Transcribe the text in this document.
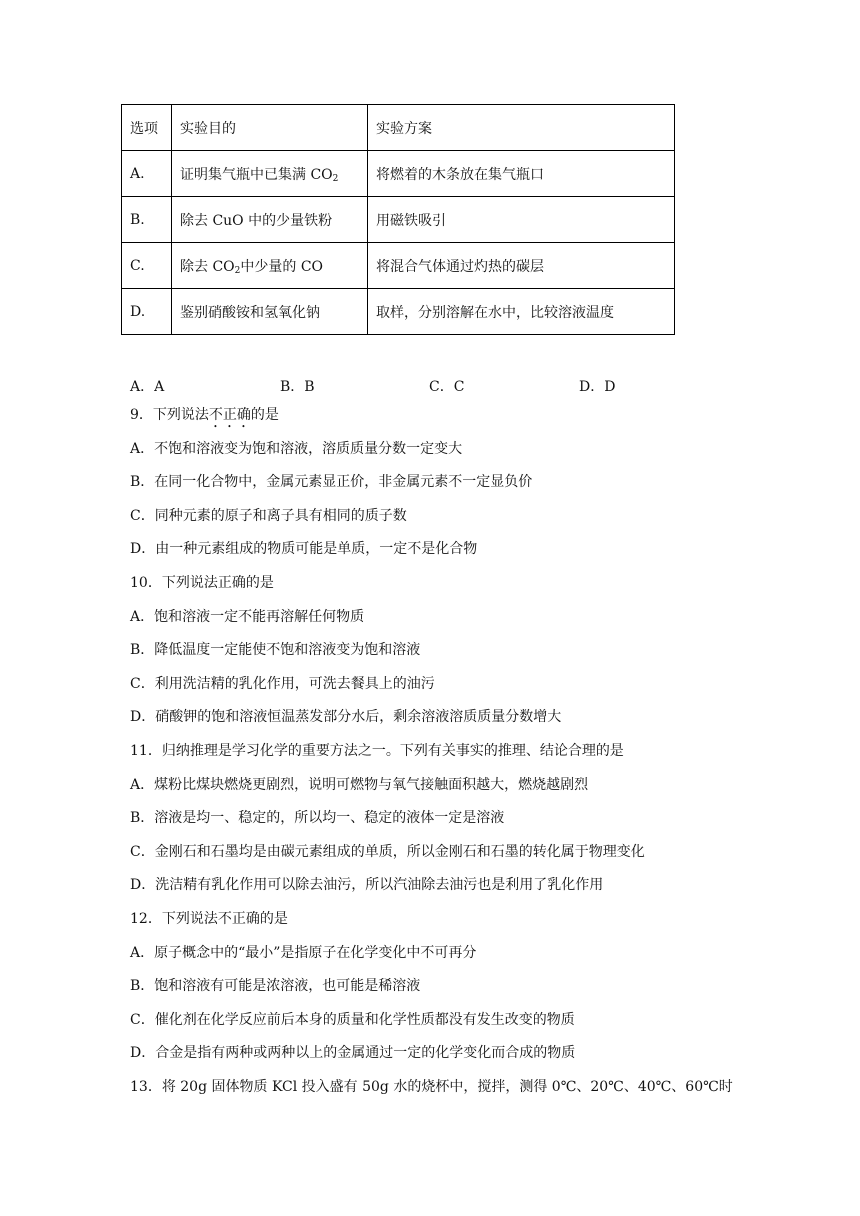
选项	实验目的	实验方案
A.	证明集气瓶中已集满 $CO_2$	将燃着的木条放在集气瓶口
B.	除去 CuO 中的少量铁粉	用磁铁吸引
C.	除去 $CO_2$中少量的 CO	将混合气体通过灼热的碳层
D.	鉴别硝酸铵和氢氧化钠	取样，分别溶解在水中，比较溶液温度
A．A	B．B	C．C	D．D
9．下列说法不正确的是
A．不饱和溶液变为饱和溶液，溶质质量分数一定变大
B．在同一化合物中，金属元素显正价，非金属元素不一定显负价
C．同种元素的原子和离子具有相同的质子数
D．由一种元素组成的物质可能是单质，一定不是化合物
10．下列说法正确的是
A．饱和溶液一定不能再溶解任何物质
B．降低温度一定能使不饱和溶液变为饱和溶液
C．利用洗洁精的乳化作用，可洗去餐具上的油污
D．硝酸钾的饱和溶液恒温蒸发部分水后，剩余溶液溶质质量分数增大
11．归纳推理是学习化学的重要方法之一。下列有关事实的推理、结论合理的是
A．煤粉比煤块燃烧更剧烈，说明可燃物与氧气接触面积越大，燃烧越剧烈
B．溶液是均一、稳定的，所以均一、稳定的液体一定是溶液
C．金刚石和石墨均是由碳元素组成的单质，所以金刚石和石墨的转化属于物理变化
D．洗洁精有乳化作用可以除去油污，所以汽油除去油污也是利用了乳化作用
12．下列说法不正确的是
A．原子概念中的“最小”是指原子在化学变化中不可再分
B．饱和溶液有可能是浓溶液，也可能是稀溶液
C．催化剂在化学反应前后本身的质量和化学性质都没有发生改变的物质
D．合金是指有两种或两种以上的金属通过一定的化学变化而合成的物质
13．将 20g 固体物质 KCl 投入盛有 50g 水的烧杯中，搅拌，测得 0℃、20℃、40℃、60℃时
